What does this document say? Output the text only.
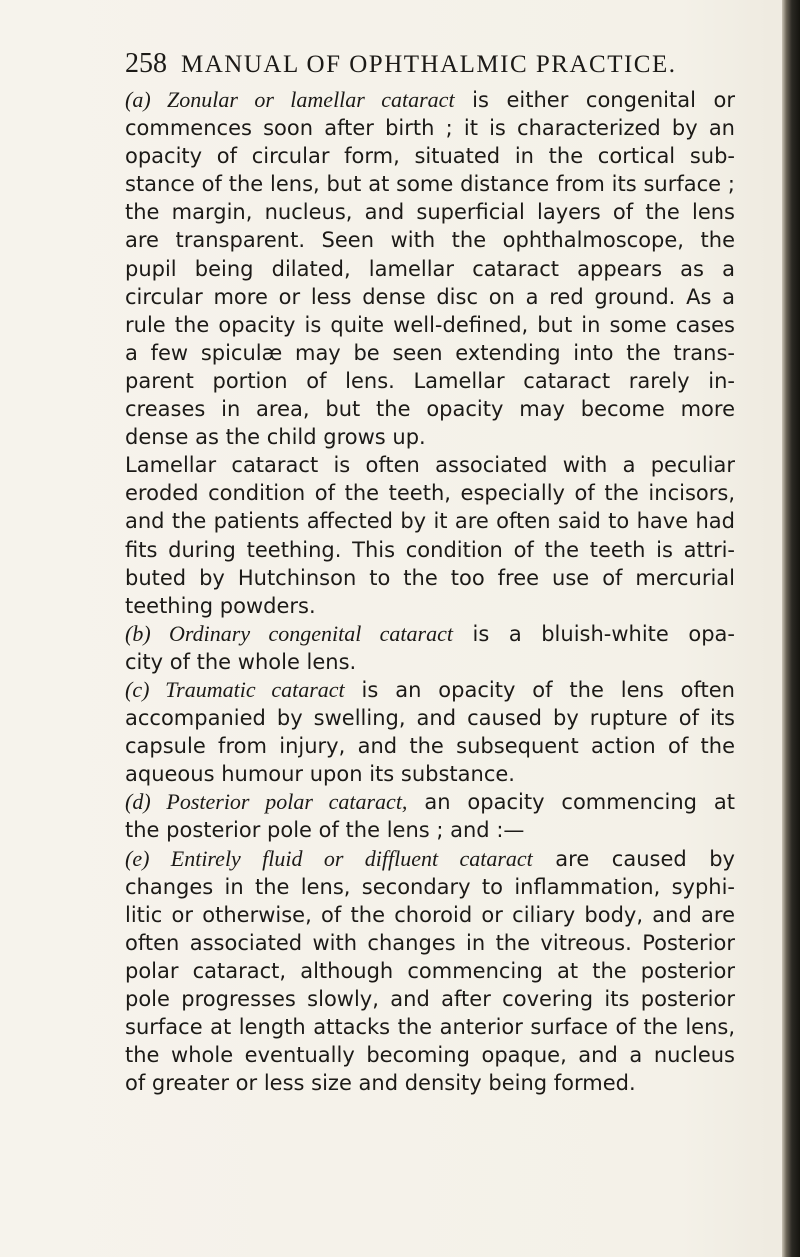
258 MANUAL OF OPHTHALMIC PRACTICE.
(a) Zonular or lamellar cataract is either congenital or
commences soon after birth ; it is characterized by an
opacity of circular form, situated in the cortical sub-
stance of the lens, but at some distance from its surface ;
the margin, nucleus, and superficial layers of the lens
are transparent. Seen with the ophthalmoscope, the
pupil being dilated, lamellar cataract appears as a
circular more or less dense disc on a red ground. As a
rule the opacity is quite well-defined, but in some cases
a few spiculæ may be seen extending into the trans-
parent portion of lens. Lamellar cataract rarely in-
creases in area, but the opacity may become more
dense as the child grows up.
Lamellar cataract is often associated with a peculiar
eroded condition of the teeth, especially of the incisors,
and the patients affected by it are often said to have had
fits during teething. This condition of the teeth is attri-
buted by Hutchinson to the too free use of mercurial
teething powders.
(b) Ordinary congenital cataract is a bluish-white opa-
city of the whole lens.
(c) Traumatic cataract is an opacity of the lens often
accompanied by swelling, and caused by rupture of its
capsule from injury, and the subsequent action of the
aqueous humour upon its substance.
(d) Posterior polar cataract, an opacity commencing at
the posterior pole of the lens ; and :—
(e) Entirely fluid or diffluent cataract are caused by
changes in the lens, secondary to inflammation, syphi-
litic or otherwise, of the choroid or ciliary body, and are
often associated with changes in the vitreous. Posterior
polar cataract, although commencing at the posterior
pole progresses slowly, and after covering its posterior
surface at length attacks the anterior surface of the lens,
the whole eventually becoming opaque, and a nucleus
of greater or less size and density being formed.
